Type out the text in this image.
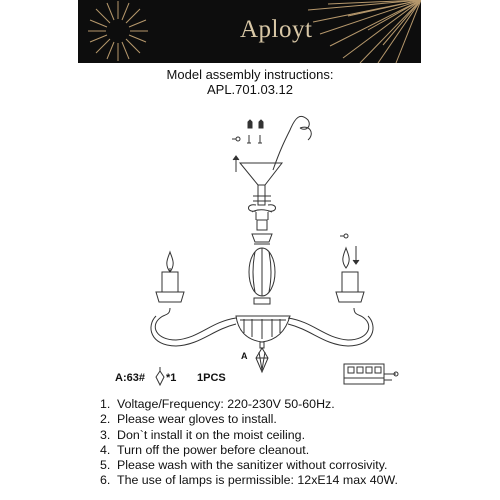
Aployt
Model assembly instructions:
APL.701.03.12
A
A:63# *1 1PCS
1. Voltage/Frequency: 220-230V 50-60Hz.
2. Please wear gloves to install.
3. Don`t install it on the moist ceiling.
4. Turn off the power before cleanout.
5. Please wash with the sanitizer without corrosivity.
6. The use of lamps is permissible: 12xE14 max 40W.
